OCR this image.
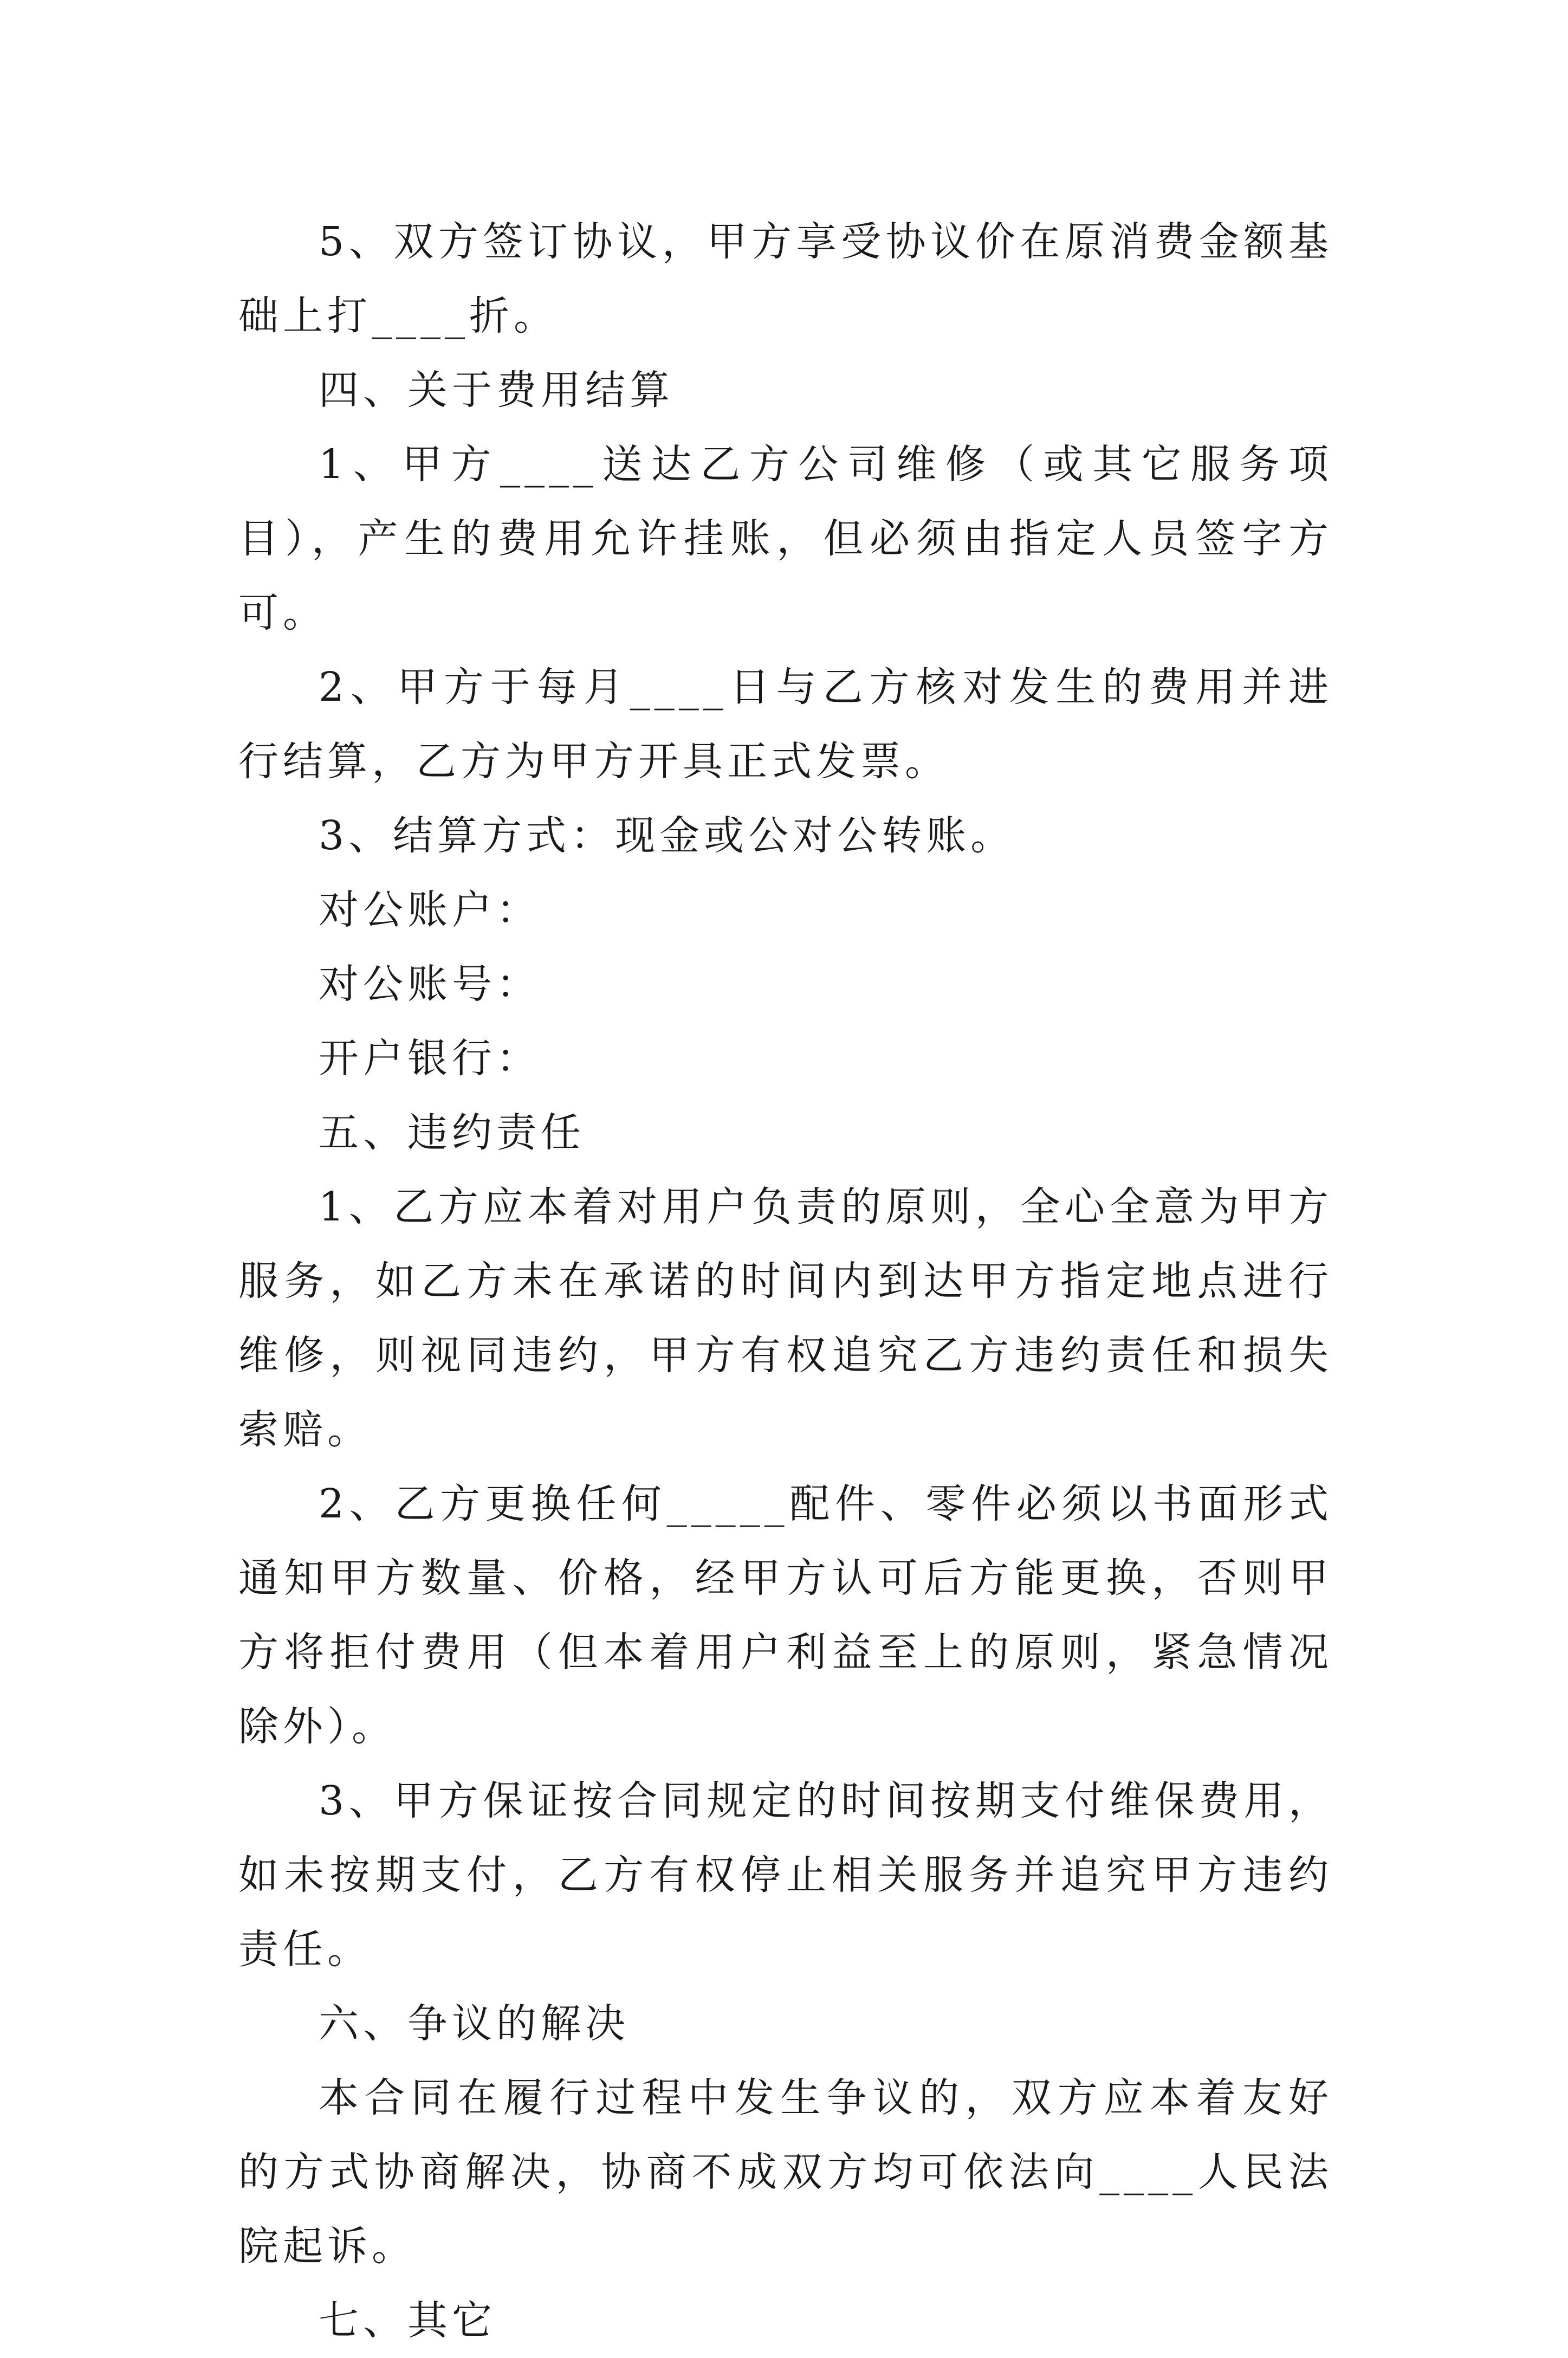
5、双方签订协议，甲方享受协议价在原消费金额基础上打____折。

四、关于费用结算

1、甲方____送达乙方公司维修（或其它服务项目），产生的费用允许挂账，但必须由指定人员签字方可。

2、甲方于每月____日与乙方核对发生的费用并进行结算，乙方为甲方开具正式发票。

3、结算方式：现金或公对公转账。

对公账户：

对公账号：

开户银行：

五、违约责任

1、乙方应本着对用户负责的原则，全心全意为甲方服务，如乙方未在承诺的时间内到达甲方指定地点进行维修，则视同违约，甲方有权追究乙方违约责任和损失索赔。

2、乙方更换任何_____配件、零件必须以书面形式通知甲方数量、价格，经甲方认可后方能更换，否则甲方将拒付费用（但本着用户利益至上的原则，紧急情况除外）。

3、甲方保证按合同规定的时间按期支付维保费用，如未按期支付，乙方有权停止相关服务并追究甲方违约责任。

六、争议的解决

本合同在履行过程中发生争议的，双方应本着友好的方式协商解决，协商不成双方均可依法向____人民法院起诉。

七、其它
